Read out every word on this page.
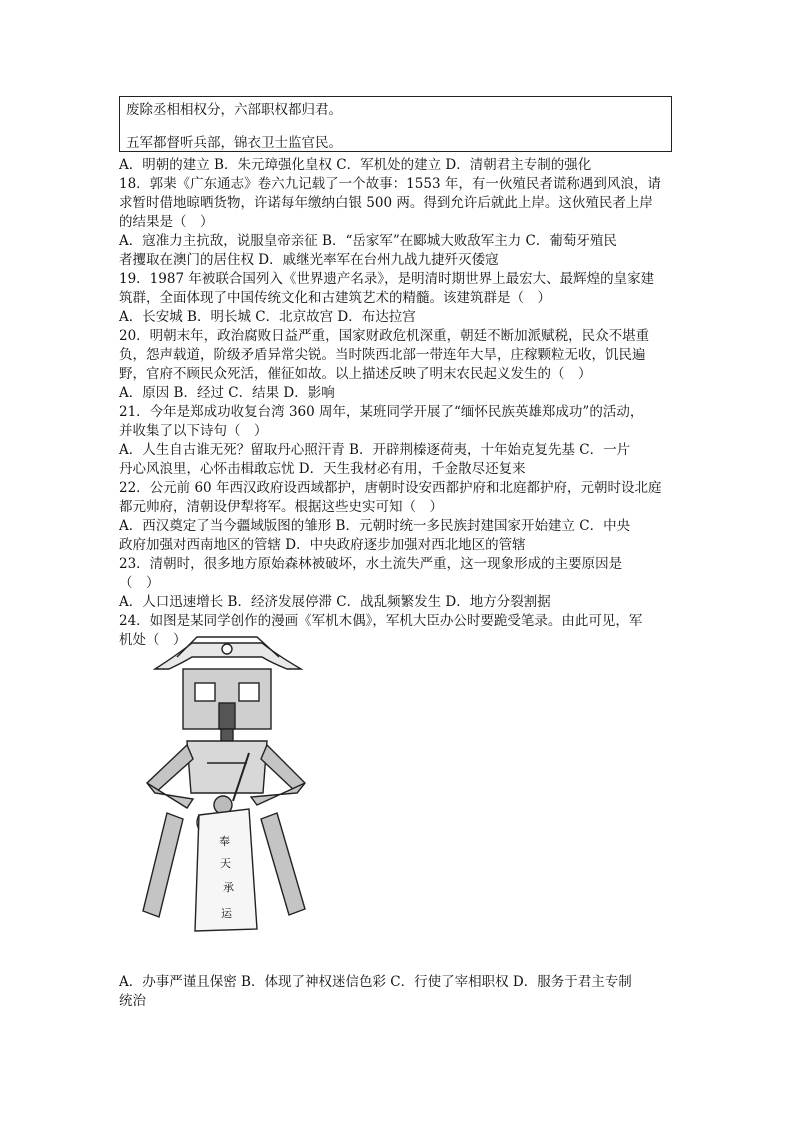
废除丞相相权分，六部职权都归君。
五军都督听兵部，锦衣卫士监官民。

A．明朝的建立 B．朱元璋强化皇权 C．军机处的建立 D．清朝君主专制的强化

18．郭棐《广东通志》卷六九记载了一个故事：1553 年，有一伙殖民者谎称遇到风浪，请

求暂时借地晾晒货物，许诺每年缴纳白银 500 两。得到允许后就此上岸。这伙殖民者上岸

的结果是（　）

A．寇准力主抗敌，说服皇帝亲征 B．“岳家军”在郾城大败敌军主力 C．葡萄牙殖民

者攫取在澳门的居住权 D．戚继光率军在台州九战九捷歼灭倭寇

19．1987 年被联合国列入《世界遗产名录》，是明清时期世界上最宏大、最辉煌的皇家建

筑群，全面体现了中国传统文化和古建筑艺术的精髓。该建筑群是（　）

A．长安城 B．明长城 C．北京故宫 D．布达拉宫

20．明朝末年，政治腐败日益严重，国家财政危机深重，朝廷不断加派赋税，民众不堪重

负，怨声载道，阶级矛盾异常尖锐。当时陕西北部一带连年大旱，庄稼颗粒无收，饥民遍

野，官府不顾民众死活，催征如故。以上描述反映了明末农民起义发生的（　）

A．原因 B．经过 C．结果 D．影响

21．今年是郑成功收复台湾 360 周年，某班同学开展了“缅怀民族英雄郑成功”的活动，

并收集了以下诗句（　）

A．人生自古谁无死？留取丹心照汗青 B．开辟荆榛逐荷夷，十年始克复先基 C．一片

丹心风浪里，心怀击楫敢忘忧 D．天生我材必有用，千金散尽还复来

22．公元前 60 年西汉政府设西域都护，唐朝时设安西都护府和北庭都护府，元朝时设北庭

都元帅府，清朝设伊犁将军。根据这些史实可知（　）

A．西汉奠定了当今疆域版图的雏形 B．元朝时统一多民族封建国家开始建立 C．中央

政府加强对西南地区的管辖 D．中央政府逐步加强对西北地区的管辖

23．清朝时，很多地方原始森林被破坏，水土流失严重，这一现象形成的主要原因是

（　）

A．人口迅速增长 B．经济发展停滞 C．战乱频繁发生 D．地方分裂割据

24．如图是某同学创作的漫画《军机木偶》，军机大臣办公时要跪受笔录。由此可见，军

机处（　）

奉
天
承
运

A．办事严谨且保密 B．体现了神权迷信色彩 C．行使了宰相职权 D．服务于君主专制

统治
